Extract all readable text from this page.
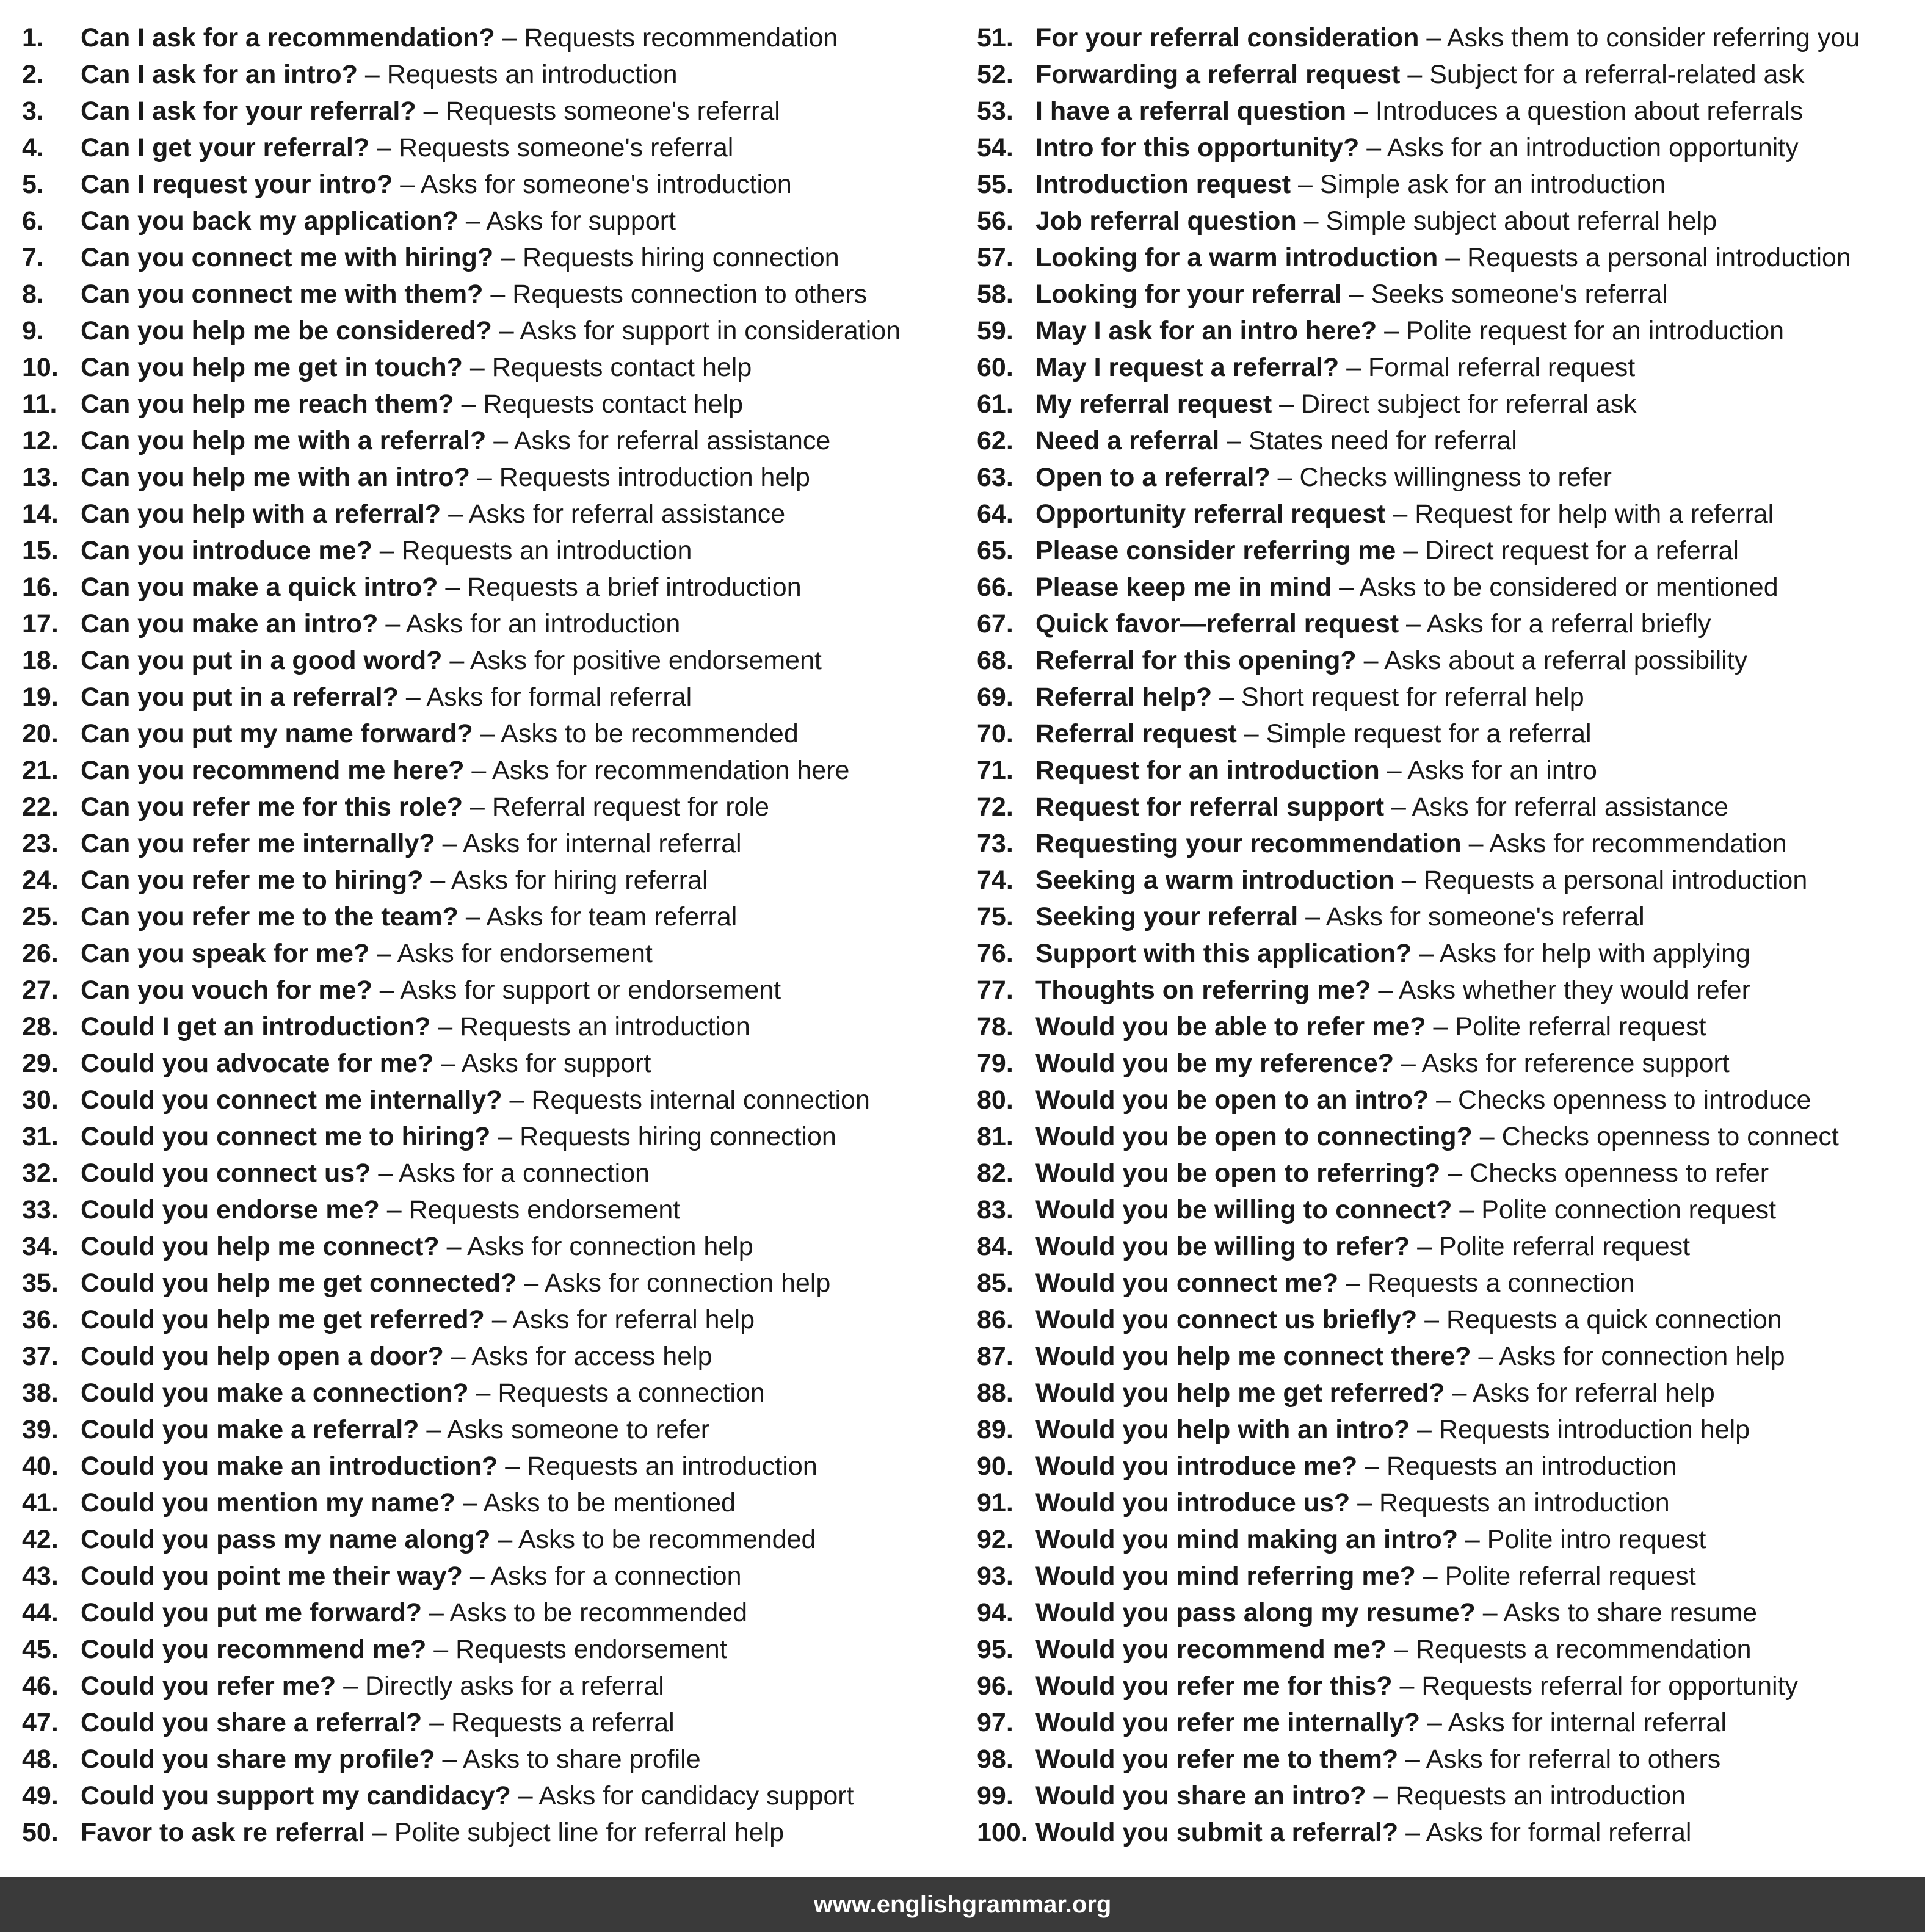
1.	Can I ask for a recommendation? – Requests recommendation
2.	Can I ask for an intro? – Requests an introduction
3.	Can I ask for your referral? – Requests someone's referral
4.	Can I get your referral? – Requests someone's referral
5.	Can I request your intro? – Asks for someone's introduction
6.	Can you back my application? – Asks for support
7.	Can you connect me with hiring? – Requests hiring connection
8.	Can you connect me with them? – Requests connection to others
9.	Can you help me be considered? – Asks for support in consideration
10. Can you help me get in touch? – Requests contact help
11. Can you help me reach them? – Requests contact help
12. Can you help me with a referral? – Asks for referral assistance
13. Can you help me with an intro? – Requests introduction help
14. Can you help with a referral? – Asks for referral assistance
15. Can you introduce me? – Requests an introduction
16. Can you make a quick intro? – Requests a brief introduction
17. Can you make an intro? – Asks for an introduction
18. Can you put in a good word? – Asks for positive endorsement
19. Can you put in a referral? – Asks for formal referral
20. Can you put my name forward? – Asks to be recommended
21. Can you recommend me here? – Asks for recommendation here
22. Can you refer me for this role? – Referral request for role
23. Can you refer me internally? – Asks for internal referral
24. Can you refer me to hiring? – Asks for hiring referral
25. Can you refer me to the team? – Asks for team referral
26. Can you speak for me? – Asks for endorsement
27. Can you vouch for me? – Asks for support or endorsement
28. Could I get an introduction? – Requests an introduction
29. Could you advocate for me? – Asks for support
30. Could you connect me internally? – Requests internal connection
31. Could you connect me to hiring? – Requests hiring connection
32. Could you connect us? – Asks for a connection
33. Could you endorse me? – Requests endorsement
34. Could you help me connect? – Asks for connection help
35. Could you help me get connected? – Asks for connection help
36. Could you help me get referred? – Asks for referral help
37. Could you help open a door? – Asks for access help
38. Could you make a connection? – Requests a connection
39. Could you make a referral? – Asks someone to refer
40. Could you make an introduction? – Requests an introduction
41. Could you mention my name? – Asks to be mentioned
42. Could you pass my name along? – Asks to be recommended
43. Could you point me their way? – Asks for a connection
44. Could you put me forward? – Asks to be recommended
45. Could you recommend me? – Requests endorsement
46. Could you refer me? – Directly asks for a referral
47. Could you share a referral? – Requests a referral
48. Could you share my profile? – Asks to share profile
49. Could you support my candidacy? – Asks for candidacy support
50. Favor to ask re referral – Polite subject line for referral help
51. For your referral consideration – Asks them to consider referring you
52. Forwarding a referral request – Subject for a referral-related ask
53. I have a referral question – Introduces a question about referrals
54. Intro for this opportunity? – Asks for an introduction opportunity
55. Introduction request – Simple ask for an introduction
56. Job referral question – Simple subject about referral help
57. Looking for a warm introduction – Requests a personal introduction
58. Looking for your referral – Seeks someone's referral
59. May I ask for an intro here? – Polite request for an introduction
60. May I request a referral? – Formal referral request
61. My referral request – Direct subject for referral ask
62. Need a referral – States need for referral
63. Open to a referral? – Checks willingness to refer
64. Opportunity referral request – Request for help with a referral
65. Please consider referring me – Direct request for a referral
66. Please keep me in mind – Asks to be considered or mentioned
67. Quick favor—referral request – Asks for a referral briefly
68. Referral for this opening? – Asks about a referral possibility
69. Referral help? – Short request for referral help
70. Referral request – Simple request for a referral
71. Request for an introduction – Asks for an intro
72. Request for referral support – Asks for referral assistance
73. Requesting your recommendation – Asks for recommendation
74. Seeking a warm introduction – Requests a personal introduction
75. Seeking your referral – Asks for someone's referral
76. Support with this application? – Asks for help with applying
77. Thoughts on referring me? – Asks whether they would refer
78. Would you be able to refer me? – Polite referral request
79. Would you be my reference? – Asks for reference support
80. Would you be open to an intro? – Checks openness to introduce
81. Would you be open to connecting? – Checks openness to connect
82. Would you be open to referring? – Checks openness to refer
83. Would you be willing to connect? – Polite connection request
84. Would you be willing to refer? – Polite referral request
85. Would you connect me? – Requests a connection
86. Would you connect us briefly? – Requests a quick connection
87. Would you help me connect there? – Asks for connection help
88. Would you help me get referred? – Asks for referral help
89. Would you help with an intro? – Requests introduction help
90. Would you introduce me? – Requests an introduction
91. Would you introduce us? – Requests an introduction
92. Would you mind making an intro? – Polite intro request
93. Would you mind referring me? – Polite referral request
94. Would you pass along my resume? – Asks to share resume
95. Would you recommend me? – Requests a recommendation
96. Would you refer me for this? – Requests referral for opportunity
97. Would you refer me internally? – Asks for internal referral
98. Would you refer me to them? – Asks for referral to others
99. Would you share an intro? – Requests an introduction
100. Would you submit a referral? – Asks for formal referral
www.englishgrammar.org
